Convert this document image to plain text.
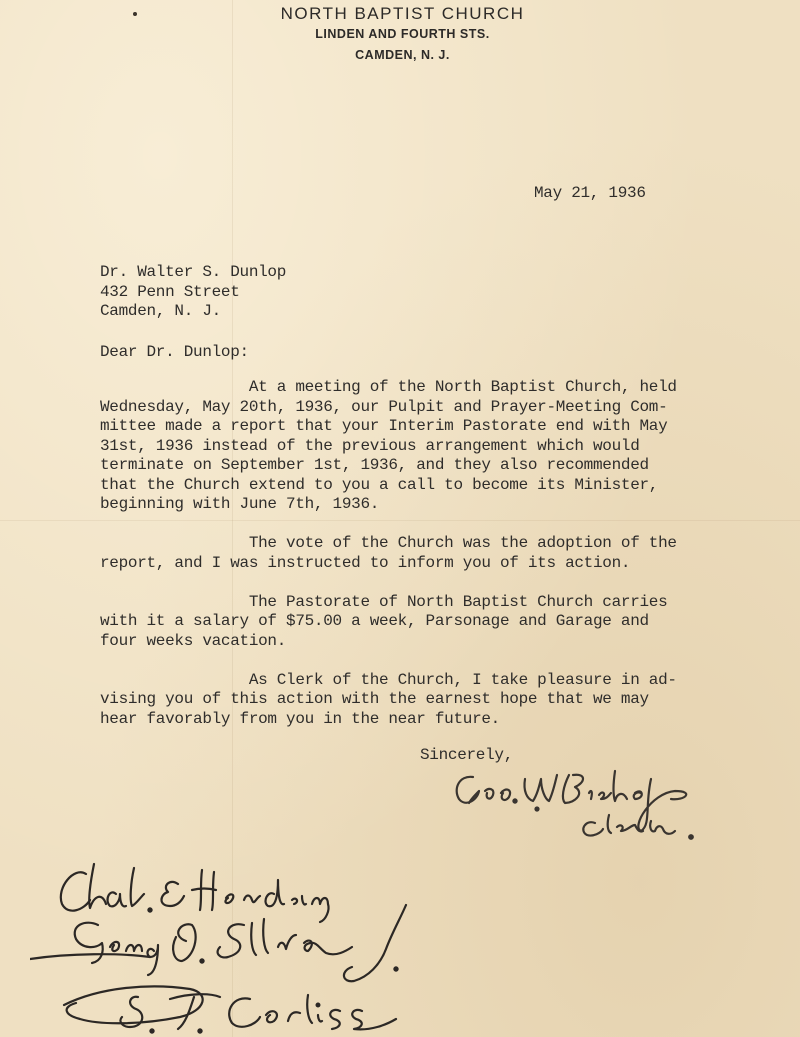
NORTH BAPTIST CHURCH
LINDEN AND FOURTH STS.
CAMDEN, N. J.
May 21, 1936
Dr. Walter S. Dunlop
432 Penn Street
Camden, N. J.
Dear Dr. Dunlop:
At a meeting of the North Baptist Church, held
Wednesday, May 20th, 1936, our Pulpit and Prayer-Meeting Com-
mittee made a report that your Interim Pastorate end with May
31st, 1936 instead of the previous arrangement which would
terminate on September 1st, 1936, and they also recommended
that the Church extend to you a call to become its Minister,
beginning with June 7th, 1936.

The vote of the Church was the adoption of the
report, and I was instructed to inform you of its action.

The Pastorate of North Baptist Church carries
with it a salary of $75.00 a week, Parsonage and Garage and
four weeks vacation.

As Clerk of the Church, I take pleasure in ad-
vising you of this action with the earnest hope that we may
hear favorably from you in the near future.
Sincerely,
